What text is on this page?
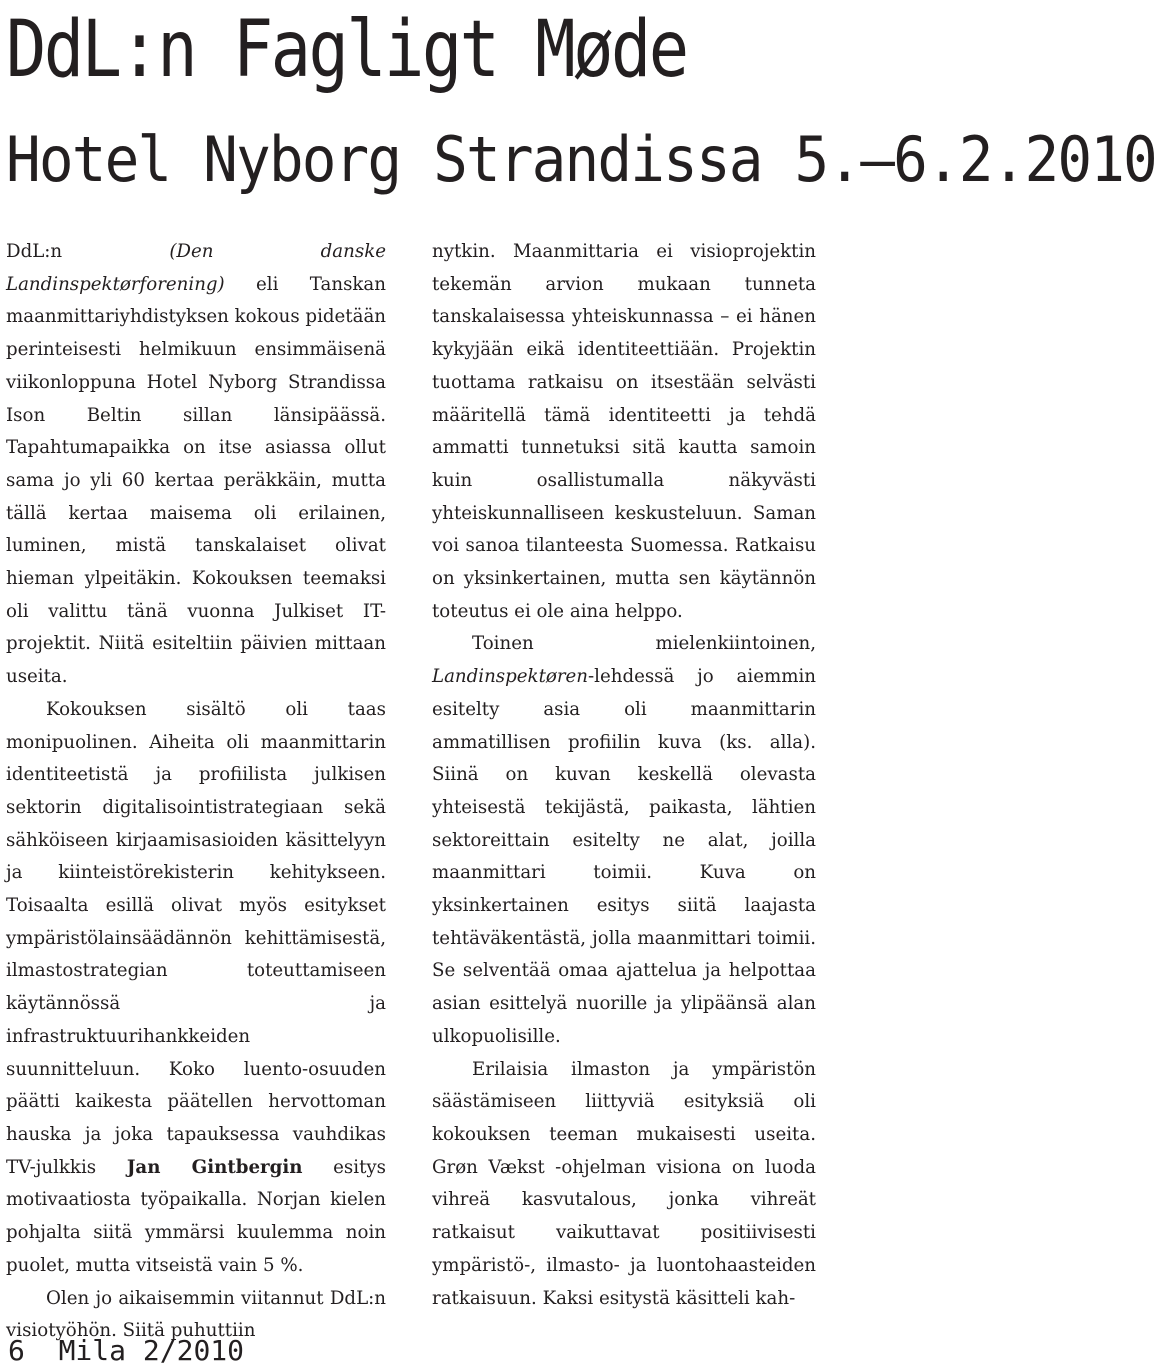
DdL:n Fagligt Møde
Hotel Nyborg Strandissa 5.–6.2.2010

DdL:n (Den danske Landinspektørforening) eli Tanskan maanmittariyhdistyksen kokous pidetään perinteisesti helmikuun ensimmäisenä viikonloppuna Hotel Nyborg Strandissa Ison Beltin sillan länsipäässä. Tapahtumapaikka on itse asiassa ollut sama jo yli 60 kertaa peräkkäin, mutta tällä kertaa maisema oli erilainen, luminen, mistä tanskalaiset olivat hieman ylpeitäkin. Kokouksen teemaksi oli valittu tänä vuonna Julkiset IT-projektit. Niitä esiteltiin päivien mittaan useita.

Kokouksen sisältö oli taas monipuolinen. Aiheita oli maanmittarin identiteetistä ja profiilista julkisen sektorin digitalisointistrategiaan sekä sähköiseen kirjaamisasioiden käsittelyyn ja kiinteistörekisterin kehitykseen. Toisaalta esillä olivat myös esitykset ympäristölainsäädännön kehittämisestä, ilmastostrategian toteuttamiseen käytännössä ja infrastruktuurihankkeiden suunnitteluun. Koko luento-osuuden päätti kaikesta päätellen hervottoman hauska ja joka tapauksessa vauhdikas TV-julkkis Jan Gintbergin esitys motivaatiosta työpaikalla. Norjan kielen pohjalta siitä ymmärsi kuulemma noin puolet, mutta vitseistä vain 5 %.

Olen jo aikaisemmin viitannut DdL:n visiotyöhön. Siitä puhuttiin

nytkin. Maanmittaria ei visioprojektin tekemän arvion mukaan tunneta tanskalaisessa yhteiskunnassa – ei hänen kykyjään eikä identiteettiään. Projektin tuottama ratkaisu on itsestään selvästi määritellä tämä identiteetti ja tehdä ammatti tunnetuksi sitä kautta samoin kuin osallistumalla näkyvästi yhteiskunnalliseen keskusteluun. Saman voi sanoa tilanteesta Suomessa. Ratkaisu on yksinkertainen, mutta sen käytännön toteutus ei ole aina helppo.

Toinen mielenkiintoinen, Landinspektøren-lehdessä jo aiemmin esitelty asia oli maanmittarin ammatillisen profiilin kuva (ks. alla). Siinä on kuvan keskellä olevasta yhteisestä tekijästä, paikasta, lähtien sektoreittain esitelty ne alat, joilla maanmittari toimii. Kuva on yksinkertainen esitys siitä laajasta tehtäväkentästä, jolla maanmittari toimii. Se selventää omaa ajattelua ja helpottaa asian esittelyä nuorille ja ylipäänsä alan ulkopuolisille.

Erilaisia ilmaston ja ympäristön säästämiseen liittyviä esityksiä oli kokouksen teeman mukaisesti useita. Grøn Vækst -ohjelman visiona on luoda vihreä kasvutalous, jonka vihreät ratkaisut vaikuttavat positiivisesti ympäristö-, ilmasto- ja luontohaasteiden ratkaisuun. Kaksi esitystä käsitteli kah-

6 Mila 2/2010
